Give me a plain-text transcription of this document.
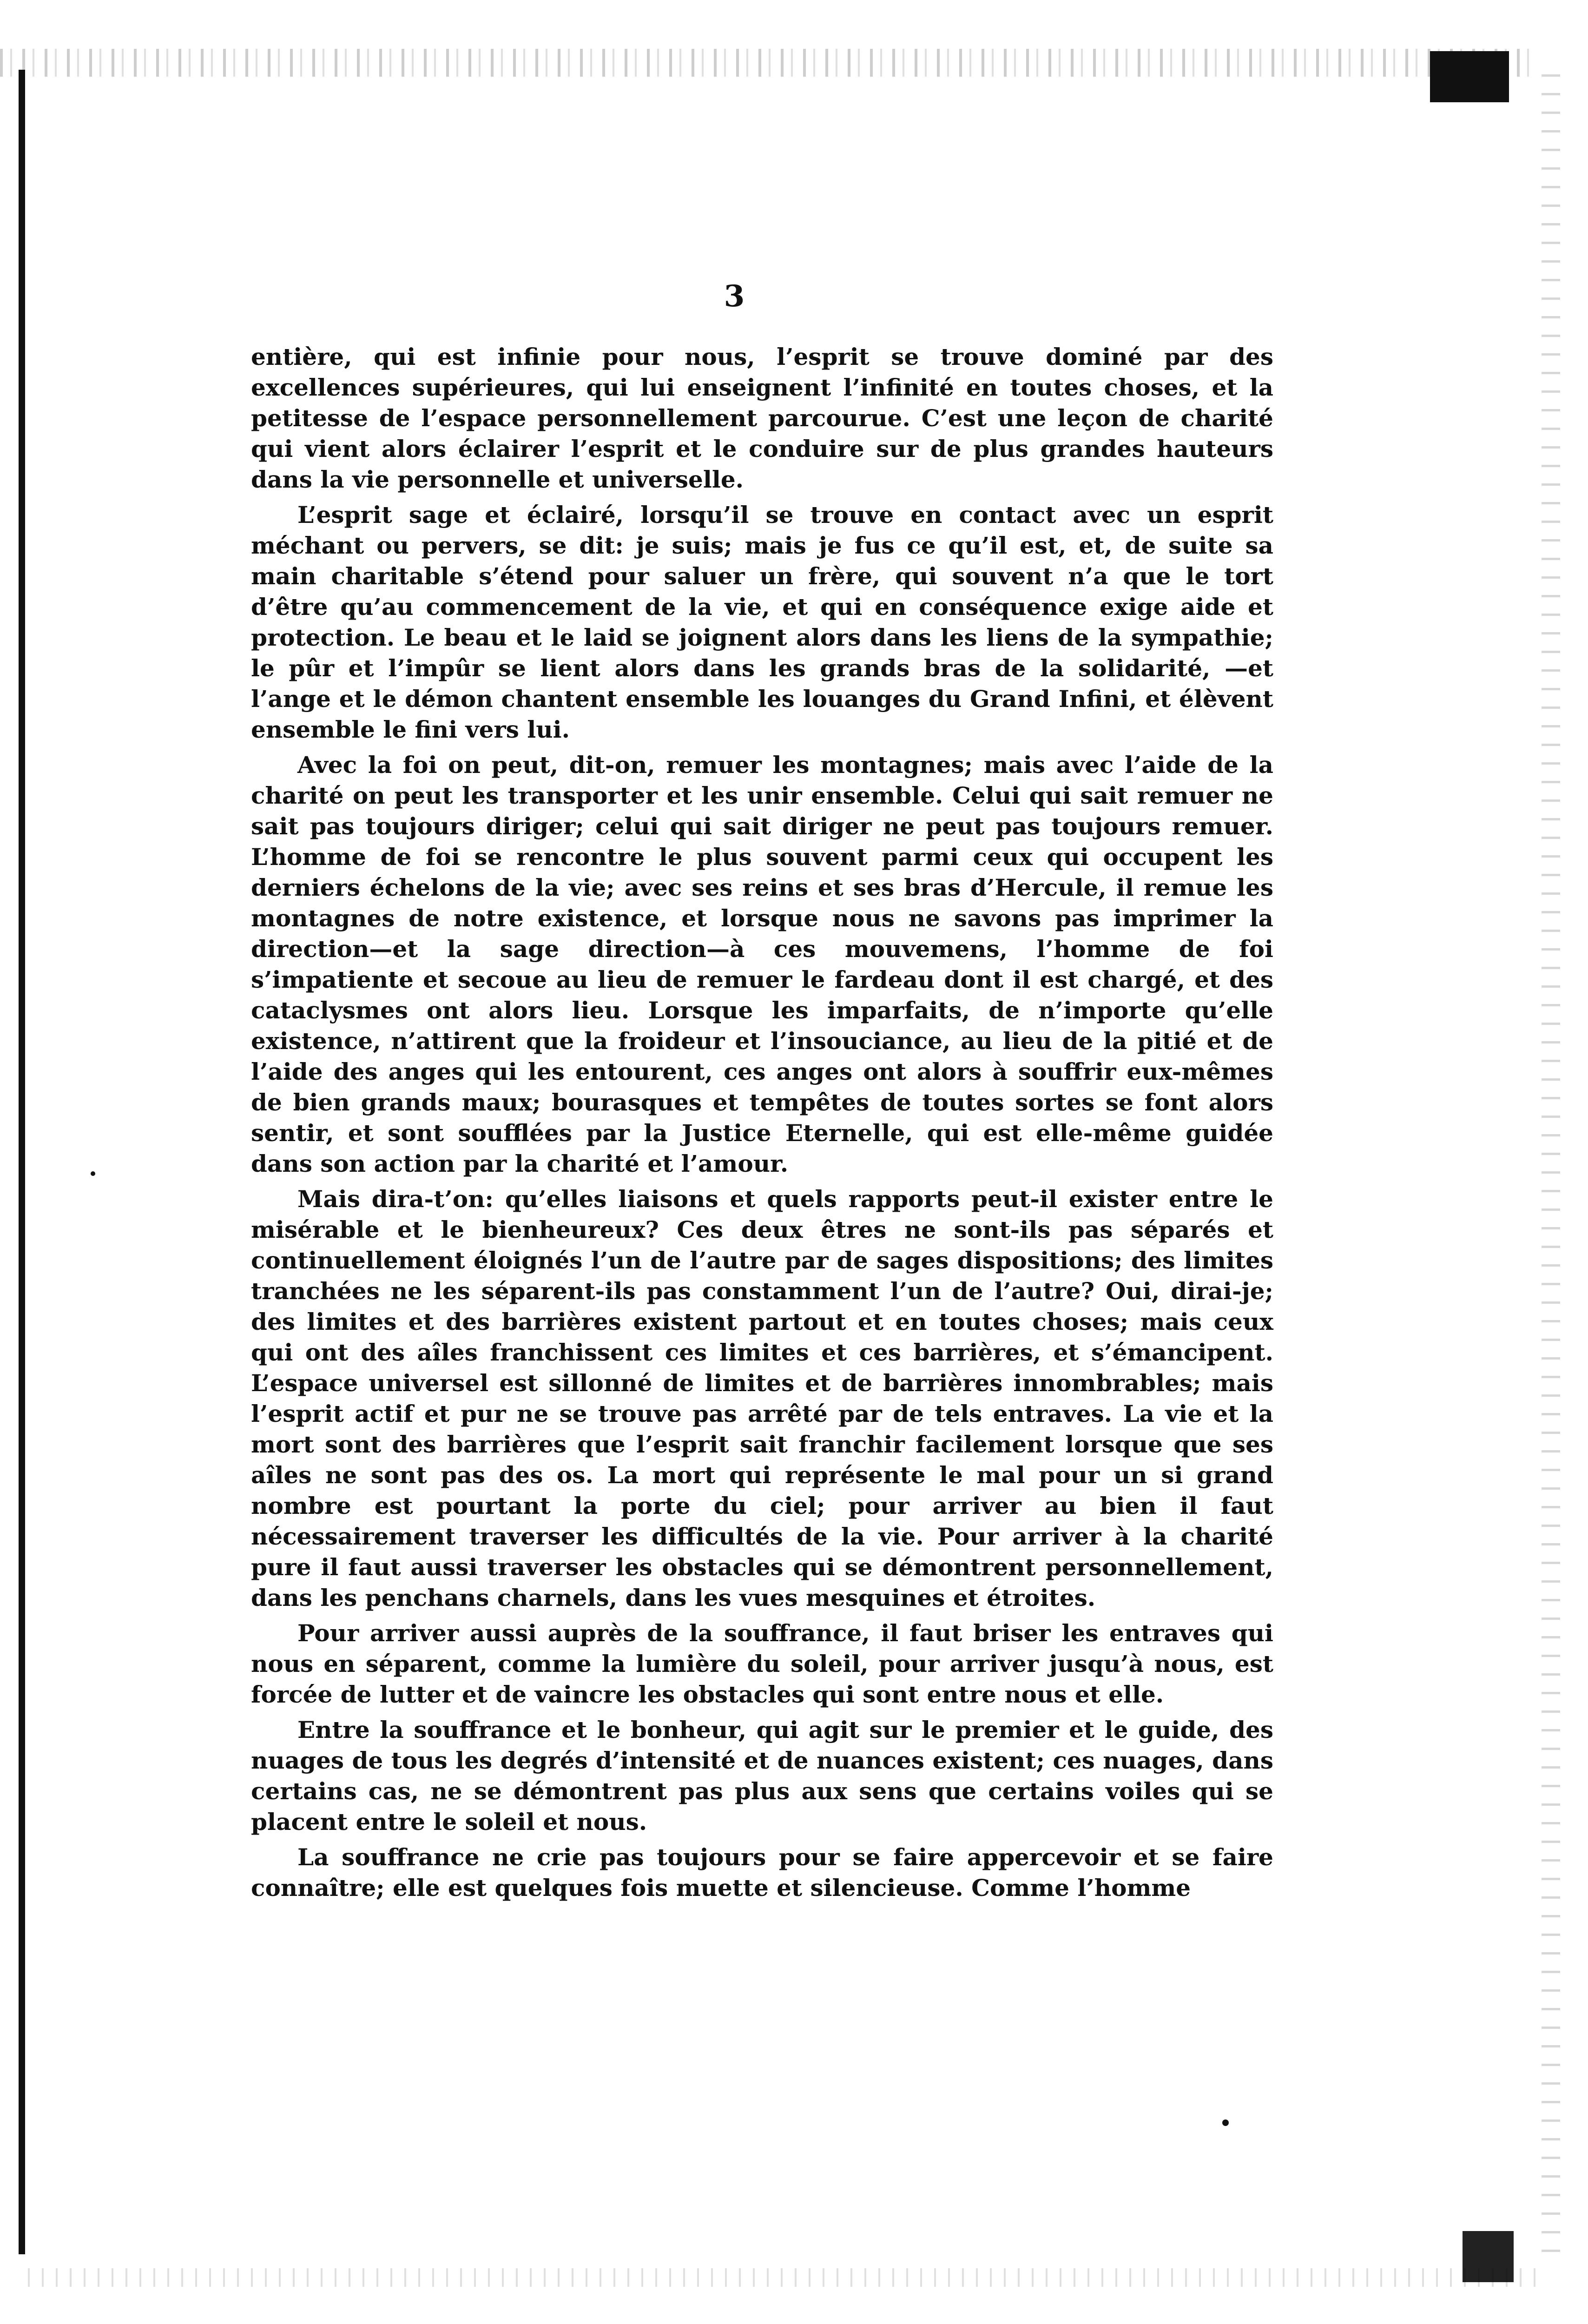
3

entière, qui est infinie pour nous, l’esprit se trouve dominé par des excellences supérieures, qui lui enseignent l’infinité en toutes choses, et la petitesse de l’espace personnellement parcourue. C’est une leçon de charité qui vient alors éclairer l’esprit et le conduire sur de plus grandes hauteurs dans la vie personnelle et universelle.

L’esprit sage et éclairé, lorsqu’il se trouve en contact avec un esprit méchant ou pervers, se dit: je suis; mais je fus ce qu’il est, et, de suite sa main charitable s’étend pour saluer un frère, qui souvent n’a que le tort d’être qu’au commencement de la vie, et qui en conséquence exige aide et protection. Le beau et le laid se joignent alors dans les liens de la sympathie; le pûr et l’impûr se lient alors dans les grands bras de la solidarité, —et l’ange et le démon chantent ensemble les louanges du Grand Infini, et élèvent ensemble le fini vers lui.

Avec la foi on peut, dit-on, remuer les montagnes; mais avec l’aide de la charité on peut les transporter et les unir ensemble. Celui qui sait remuer ne sait pas toujours diriger; celui qui sait diriger ne peut pas toujours remuer. L’homme de foi se rencontre le plus souvent parmi ceux qui occupent les derniers échelons de la vie; avec ses reins et ses bras d’Hercule, il remue les montagnes de notre existence, et lorsque nous ne savons pas imprimer la direction—et la sage direction—à ces mouvemens, l’homme de foi s’impatiente et secoue au lieu de remuer le fardeau dont il est chargé, et des cataclysmes ont alors lieu. Lorsque les imparfaits, de n’importe qu’elle existence, n’attirent que la froideur et l’insouciance, au lieu de la pitié et de l’aide des anges qui les entourent, ces anges ont alors à souffrir eux-mêmes de bien grands maux; bourasques et tempêtes de toutes sortes se font alors sentir, et sont soufflées par la Justice Eternelle, qui est elle-même guidée dans son action par la charité et l’amour.

Mais dira-t’on: qu’elles liaisons et quels rapports peut-il exister entre le misérable et le bienheureux? Ces deux êtres ne sont-ils pas séparés et continuellement éloignés l’un de l’autre par de sages dispositions; des limites tranchées ne les séparent-ils pas constamment l’un de l’autre? Oui, dirai-je; des limites et des barrières existent partout et en toutes choses; mais ceux qui ont des aîles franchissent ces limites et ces barrières, et s’émancipent. L’espace universel est sillonné de limites et de barrières innombrables; mais l’esprit actif et pur ne se trouve pas arrêté par de tels entraves. La vie et la mort sont des barrières que l’esprit sait franchir facilement lorsque que ses aîles ne sont pas des os. La mort qui représente le mal pour un si grand nombre est pourtant la porte du ciel; pour arriver au bien il faut nécessairement traverser les difficultés de la vie. Pour arriver à la charité pure il faut aussi traverser les obstacles qui se démontrent personnellement, dans les penchans charnels, dans les vues mesquines et étroites.

Pour arriver aussi auprès de la souffrance, il faut briser les entraves qui nous en séparent, comme la lumière du soleil, pour arriver jusqu’à nous, est forcée de lutter et de vaincre les obstacles qui sont entre nous et elle.

Entre la souffrance et le bonheur, qui agit sur le premier et le guide, des nuages de tous les degrés d’intensité et de nuances existent; ces nuages, dans certains cas, ne se démontrent pas plus aux sens que certains voiles qui se placent entre le soleil et nous.

La souffrance ne crie pas toujours pour se faire appercevoir et se faire connaître; elle est quelques fois muette et silencieuse. Comme l’homme
